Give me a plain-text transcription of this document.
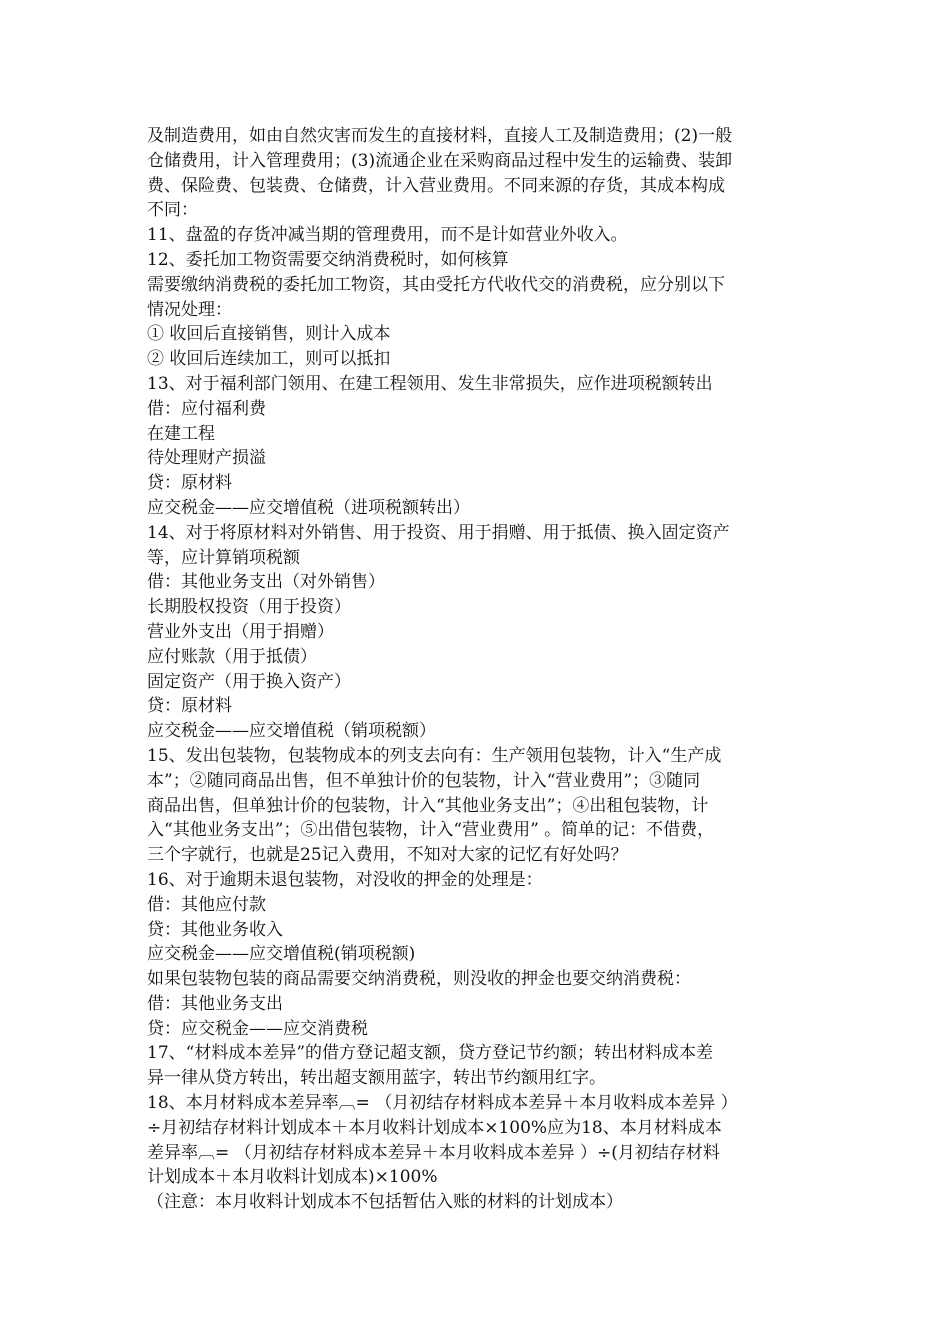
及制造费用，如由自然灾害而发生的直接材料，直接人工及制造费用；(2)一般
仓储费用，计入管理费用；(3)流通企业在采购商品过程中发生的运输费、装卸
费、保险费、包装费、仓储费，计入营业费用。不同来源的存货，其成本构成
不同：
11、盘盈的存货冲减当期的管理费用，而不是计如营业外收入。
12、委托加工物资需要交纳消费税时，如何核算
需要缴纳消费税的委托加工物资，其由受托方代收代交的消费税，应分别以下
情况处理：
① 收回后直接销售，则计入成本
② 收回后连续加工，则可以抵扣
13、对于福利部门领用、在建工程领用、发生非常损失，应作进项税额转出
借：应付福利费
在建工程
待处理财产损溢
贷：原材料
应交税金——应交增值税（进项税额转出）
14、对于将原材料对外销售、用于投资、用于捐赠、用于抵债、换入固定资产
等，应计算销项税额
借：其他业务支出（对外销售）
长期股权投资（用于投资）
营业外支出（用于捐赠）
应付账款（用于抵债）
固定资产（用于换入资产）
贷：原材料
应交税金——应交增值税（销项税额）
15、发出包装物，包装物成本的列支去向有：生产领用包装物，计入“生产成
本”；②随同商品出售，但不单独计价的包装物，计入“营业费用”；③随同
商品出售，但单独计价的包装物，计入“其他业务支出”；④出租包装物，计
入“其他业务支出”；⑤出借包装物，计入“营业费用” 。简单的记：不借费，
三个字就行，也就是25记入费用，不知对大家的记忆有好处吗？
16、对于逾期未退包装物，对没收的押金的处理是：
借：其他应付款
贷：其他业务收入
应交税金——应交增值税(销项税额)
如果包装物包装的商品需要交纳消费税，则没收的押金也要交纳消费税：
借：其他业务支出
贷：应交税金——应交消费税
17、“材料成本差异”的借方登记超支额，贷方登记节约额；转出材料成本差
异一律从贷方转出，转出超支额用蓝字，转出节约额用红字。
18、本月材料成本差异率︹= （月初结存材料成本差异＋本月收料成本差异 ）
÷月初结存材料计划成本＋本月收料计划成本×100%应为18、本月材料成本
差异率︹= （月初结存材料成本差异＋本月收料成本差异 ）÷(月初结存材料
计划成本＋本月收料计划成本)×100%
（注意：本月收料计划成本不包括暂估入账的材料的计划成本）
